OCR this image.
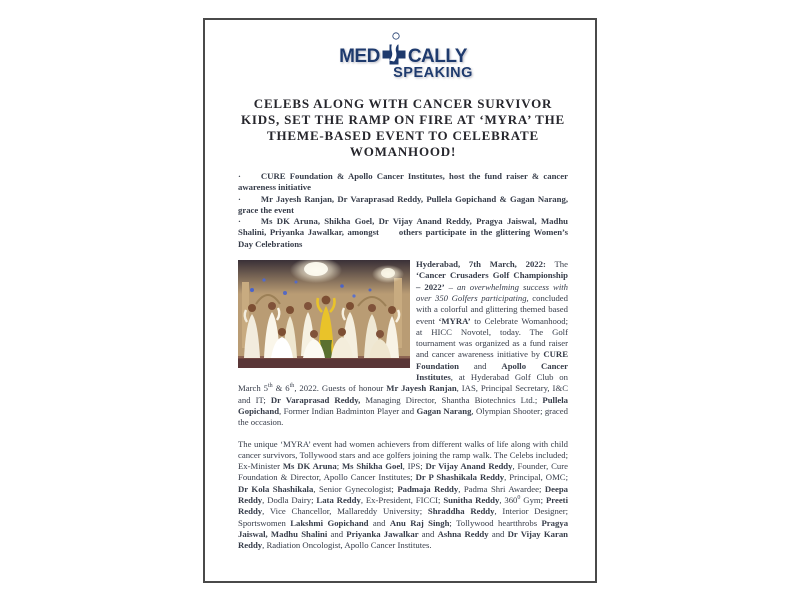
MED CALLY
SPEAKING
CELEBS ALONG WITH CANCER SURVIVOR KIDS, SET THE RAMP ON FIRE AT ‘MYRA’ THE THEME-BASED EVENT TO CELEBRATE WOMANHOOD!

· CURE Foundation & Apollo Cancer Institutes, host the fund raiser & cancer awareness initiative

· Mr Jayesh Ranjan, Dr Varaprasad Reddy, Pullela Gopichand & Gagan Narang, grace the event

· Ms DK Aruna, Shikha Goel, Dr Vijay Anand Reddy, Pragya Jaiswal, Madhu Shalini, Priyanka Jawalkar, amongst others participate in the glittering Women’s Day Celebrations

Hyderabad, 7th March, 2022: The ‘Cancer Crusaders Golf Championship – 2022’ – an overwhelming success with over 350 Golfers participating, concluded with a colorful and glittering themed based event ‘MYRA’ to Celebrate Womanhood; at HICC Novotel, today. The Golf tournament was organized as a fund raiser and cancer awareness initiative by CURE Foundation and Apollo Cancer Institutes, at Hyderabad Golf Club on March 5th & 6th, 2022. Guests of honour Mr Jayesh Ranjan, IAS, Principal Secretary, I&C and IT; Dr Varaprasad Reddy, Managing Director, Shantha Biotechnics Ltd.; Pullela Gopichand, Former Indian Badminton Player and Gagan Narang, Olympian Shooter; graced the occasion.

The unique ‘MYRA’ event had women achievers from different walks of life along with child cancer survivors, Tollywood stars and ace golfers joining the ramp walk. The Celebs included; Ex-Minister Ms DK Aruna; Ms Shikha Goel, IPS; Dr Vijay Anand Reddy, Founder, Cure Foundation & Director, Apollo Cancer Institutes; Dr P Shashikala Reddy, Principal, OMC; Dr Kola Shashikala, Senior Gynecologist; Padmaja Reddy, Padma Shri Awardee; Deepa Reddy, Dodla Dairy; Lata Reddy, Ex-President, FICCI; Sunitha Reddy, $360^0$ Gym; Preeti Reddy, Vice Chancellor, Mallareddy University; Shraddha Reddy, Interior Designer; Sportswomen Lakshmi Gopichand and Anu Raj Singh; Tollywood heartthrobs Pragya Jaiswal, Madhu Shalini and Priyanka Jawalkar and Ashna Reddy and Dr Vijay Karan Reddy, Radiation Oncologist, Apollo Cancer Institutes.
